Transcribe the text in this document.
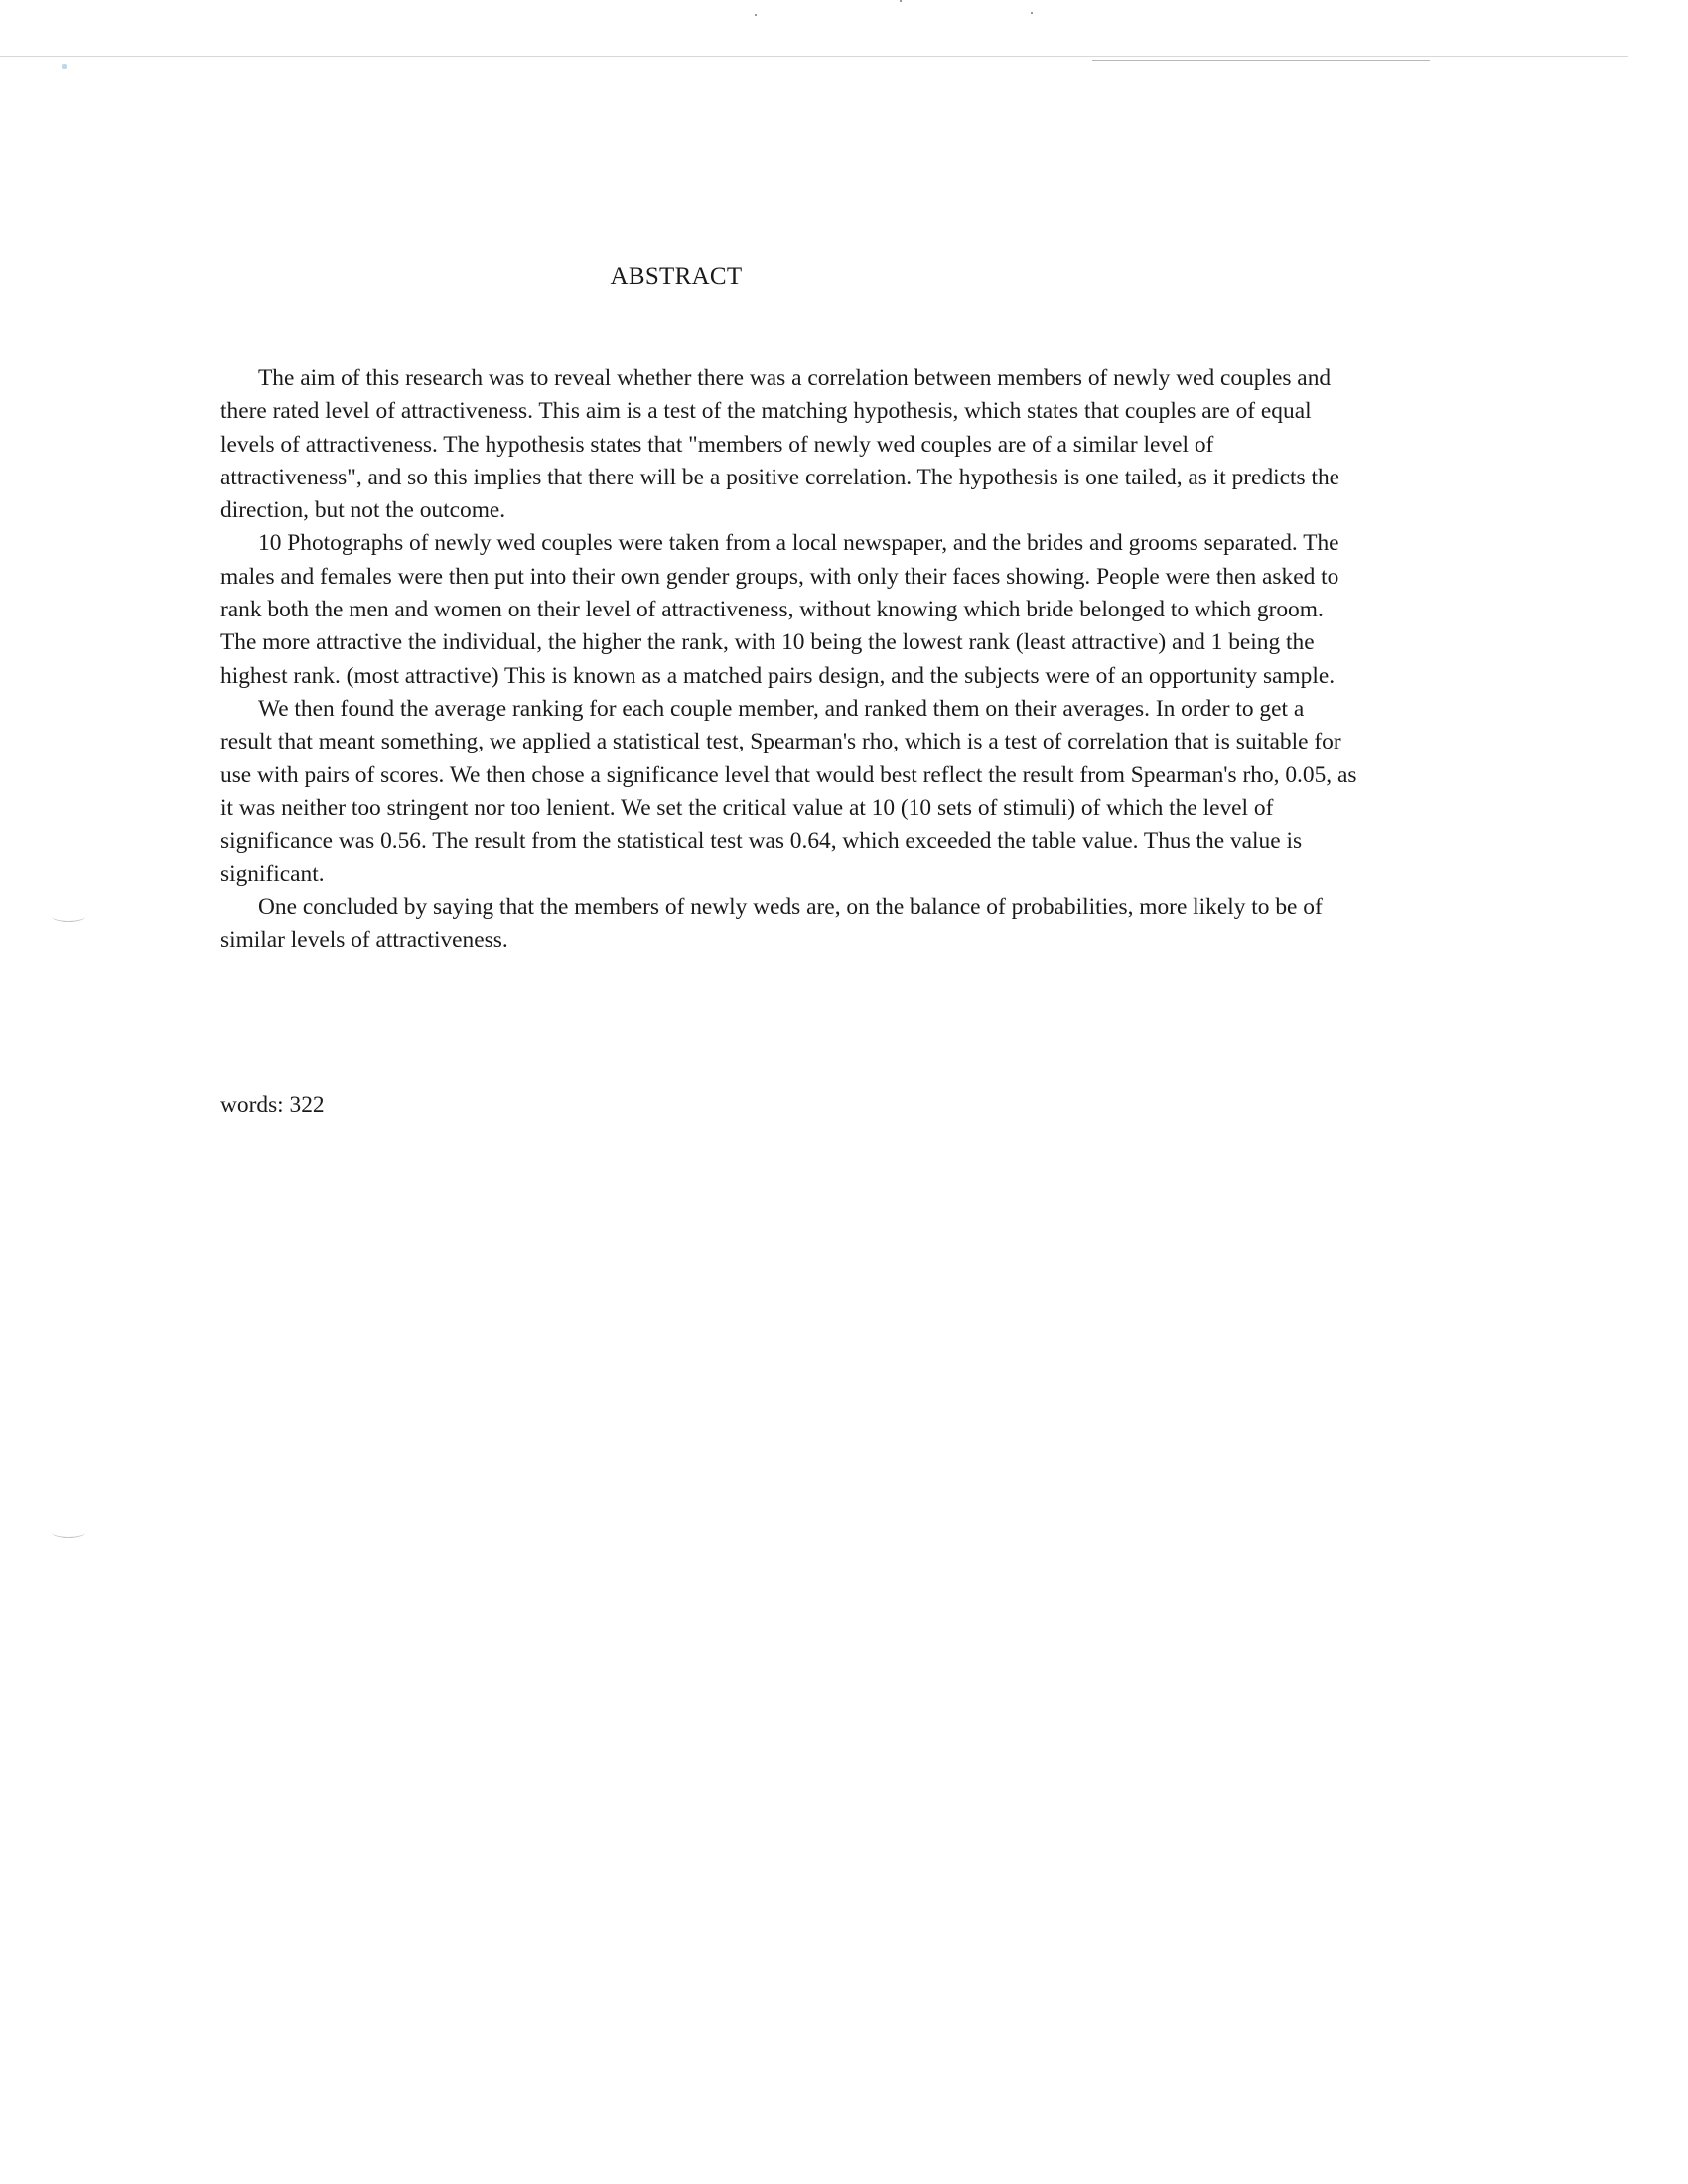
ABSTRACT

The aim of this research was to reveal whether there was a correlation between members of newly wed couples and there rated level of attractiveness. This aim is a test of the matching hypothesis, which states that couples are of equal levels of attractiveness. The hypothesis states that "members of newly wed couples are of a similar level of attractiveness", and so this implies that there will be a positive correlation. The hypothesis is one tailed, as it predicts the direction, but not the outcome.

10 Photographs of newly wed couples were taken from a local newspaper, and the brides and grooms separated. The males and females were then put into their own gender groups, with only their faces showing. People were then asked to rank both the men and women on their level of attractiveness, without knowing which bride belonged to which groom. The more attractive the individual, the higher the rank, with 10 being the lowest rank (least attractive) and 1 being the highest rank. (most attractive) This is known as a matched pairs design, and the subjects were of an opportunity sample.

We then found the average ranking for each couple member, and ranked them on their averages. In order to get a result that meant something, we applied a statistical test, Spearman's rho, which is a test of correlation that is suitable for use with pairs of scores. We then chose a significance level that would best reflect the result from Spearman's rho, 0.05, as it was neither too stringent nor too lenient. We set the critical value at 10 (10 sets of stimuli) of which the level of significance was 0.56. The result from the statistical test was 0.64, which exceeded the table value. Thus the value is significant.

One concluded by saying that the members of newly weds are, on the balance of probabilities, more likely to be of similar levels of attractiveness.

words: 322
